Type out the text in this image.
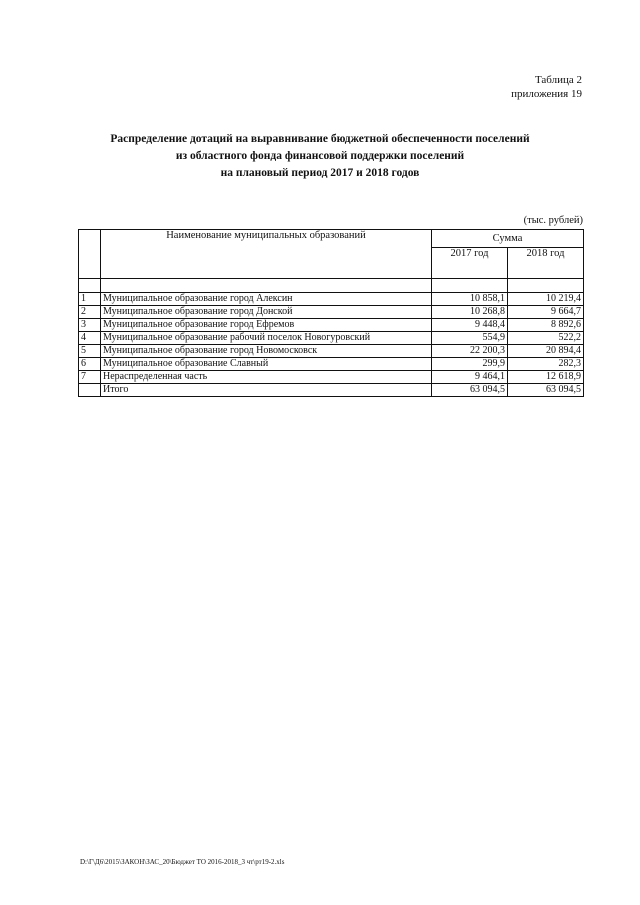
Таблица 2
приложения 19
Распределение дотаций на выравнивание бюджетной обеспеченности поселений
из областного фонда финансовой поддержки поселений
на плановый период 2017 и 2018 годов
(тыс. рублей)
	Наименование муниципальных образований	Сумма	
		2017 год	2018 год

1	Муниципальное образование город Алексин	10 858,1	10 219,4
2	Муниципальное образование город Донской	10 268,8	9 664,7
3	Муниципальное образование город Ефремов	9 448,4	8 892,6
4	Муниципальное образование рабочий поселок Новогуровский	554,9	522,2
5	Муниципальное образование город Новомосковск	22 200,3	20 894,4
6	Муниципальное образование Славный	299,9	282,3
7	Нераспределенная часть	9 464,1	12 618,9
	Итого	63 094,5	63 094,5
D:\Г\Д6\2015\ЗАКОН\ЗАС_20\Бюджет ТО 2016-2018_3 чт\рт19-2.xls
